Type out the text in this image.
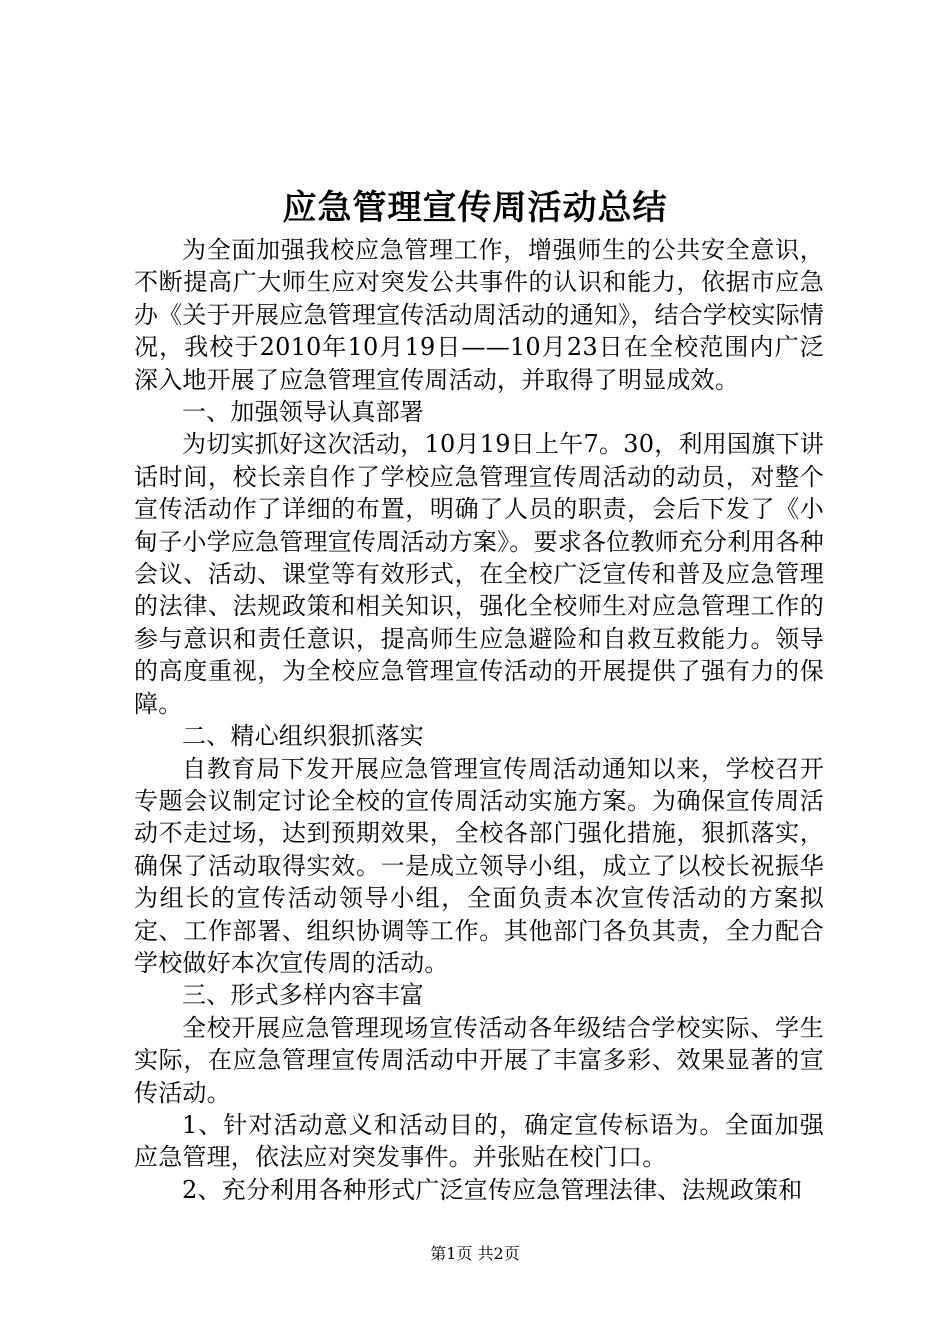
应急管理宣传周活动总结

为全面加强我校应急管理工作，增强师生的公共安全意识，不断提高广大师生应对突发公共事件的认识和能力，依据市应急办《关于开展应急管理宣传活动周活动的通知》，结合学校实际情况，我校于2010年10月19日——10月23日在全校范围内广泛深入地开展了应急管理宣传周活动，并取得了明显成效。

一、加强领导认真部署

为切实抓好这次活动，10月19日上午7。30，利用国旗下讲话时间，校长亲自作了学校应急管理宣传周活动的动员，对整个宣传活动作了详细的布置，明确了人员的职责，会后下发了《小甸子小学应急管理宣传周活动方案》。要求各位教师充分利用各种会议、活动、课堂等有效形式，在全校广泛宣传和普及应急管理的法律、法规政策和相关知识，强化全校师生对应急管理工作的参与意识和责任意识，提高师生应急避险和自救互救能力。领导的高度重视，为全校应急管理宣传活动的开展提供了强有力的保障。

二、精心组织狠抓落实

自教育局下发开展应急管理宣传周活动通知以来，学校召开专题会议制定讨论全校的宣传周活动实施方案。为确保宣传周活动不走过场，达到预期效果，全校各部门强化措施，狠抓落实，确保了活动取得实效。一是成立领导小组，成立了以校长祝振华为组长的宣传活动领导小组，全面负责本次宣传活动的方案拟定、工作部署、组织协调等工作。其他部门各负其责，全力配合学校做好本次宣传周的活动。

三、形式多样内容丰富

全校开展应急管理现场宣传活动各年级结合学校实际、学生实际，在应急管理宣传周活动中开展了丰富多彩、效果显著的宣传活动。

1、针对活动意义和活动目的，确定宣传标语为。全面加强应急管理，依法应对突发事件。并张贴在校门口。

2、充分利用各种形式广泛宣传应急管理法律、法规政策和

第1页 共2页
